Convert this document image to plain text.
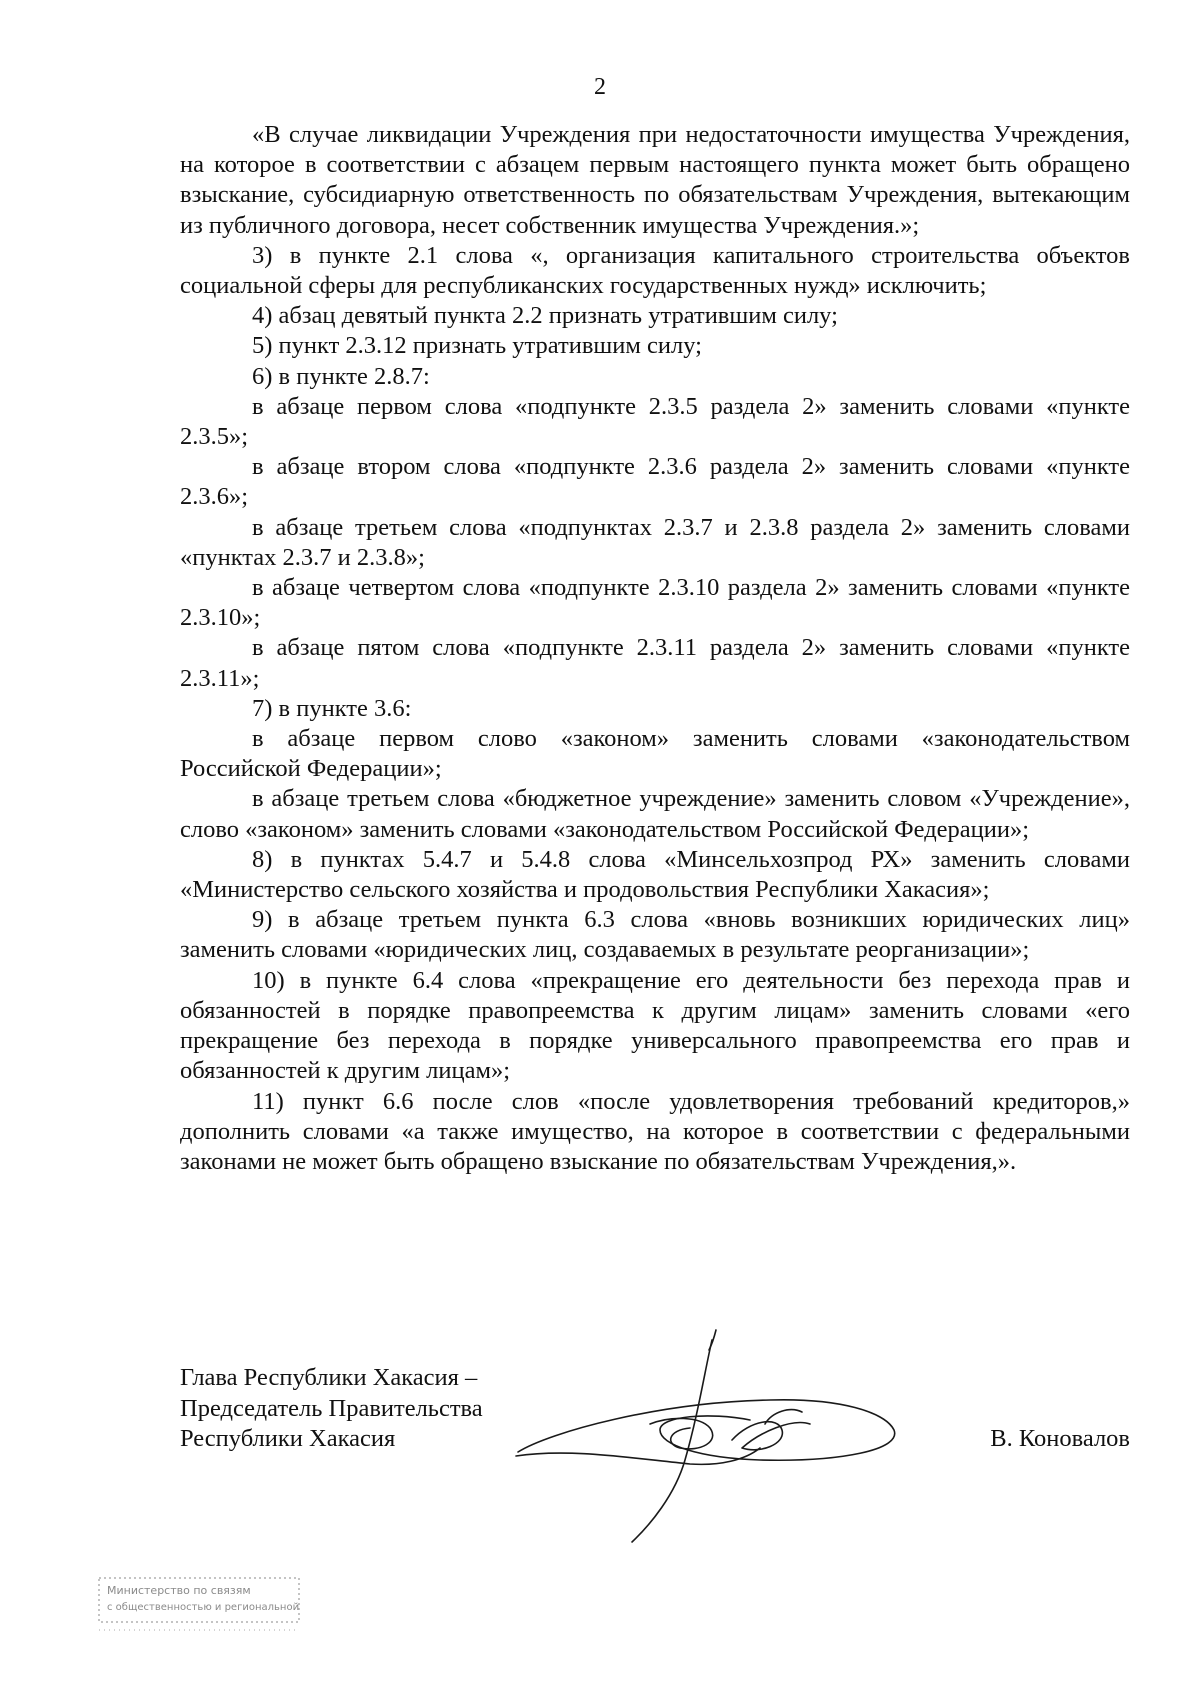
2

«В случае ликвидации Учреждения при недостаточности имущества Учреждения, на которое в соответствии с абзацем первым настоящего пункта может быть обращено взыскание, субсидиарную ответственность по обязательствам Учреждения, вытекающим из публичного договора, несет собственник имущества Учреждения.»;

3) в пункте 2.1 слова «, организация капитального строительства объектов социальной сферы для республиканских государственных нужд» исключить;

4) абзац девятый пункта 2.2 признать утратившим силу;

5) пункт 2.3.12 признать утратившим силу;

6) в пункте 2.8.7:

в абзаце первом слова «подпункте 2.3.5 раздела 2» заменить словами «пункте 2.3.5»;

в абзаце втором слова «подпункте 2.3.6 раздела 2» заменить словами «пункте 2.3.6»;

в абзаце третьем слова «подпунктах 2.3.7 и 2.3.8 раздела 2» заменить словами «пунктах 2.3.7 и 2.3.8»;

в абзаце четвертом слова «подпункте 2.3.10 раздела 2» заменить словами «пункте 2.3.10»;

в абзаце пятом слова «подпункте 2.3.11 раздела 2» заменить словами «пункте 2.3.11»;

7) в пункте 3.6:

в абзаце первом слово «законом» заменить словами «законодательством Российской Федерации»;

в абзаце третьем слова «бюджетное учреждение» заменить словом «Учреждение», слово «законом» заменить словами «законодательством Российской Федерации»;

8) в пунктах 5.4.7 и 5.4.8 слова «Минсельхозпрод РХ» заменить словами «Министерство сельского хозяйства и продовольствия Республики Хакасия»;

9) в абзаце третьем пункта 6.3 слова «вновь возникших юридических лиц» заменить словами «юридических лиц, создаваемых в результате реорганизации»;

10) в пункте 6.4 слова «прекращение его деятельности без перехода прав и обязанностей в порядке правопреемства к другим лицам» заменить словами «его прекращение без перехода в порядке универсального правопреемства его прав и обязанностей к другим лицам»;

11) пункт 6.6 после слов «после удовлетворения требований кредиторов,» дополнить словами «а также имущество, на которое в соответствии с федеральными законами не может быть обращено взыскание по обязательствам Учреждения,».

Глава Республики Хакасия –
Председатель Правительства
Республики Хакасия	В. Коновалов
Министерство по связям
с общественностью и региональной
